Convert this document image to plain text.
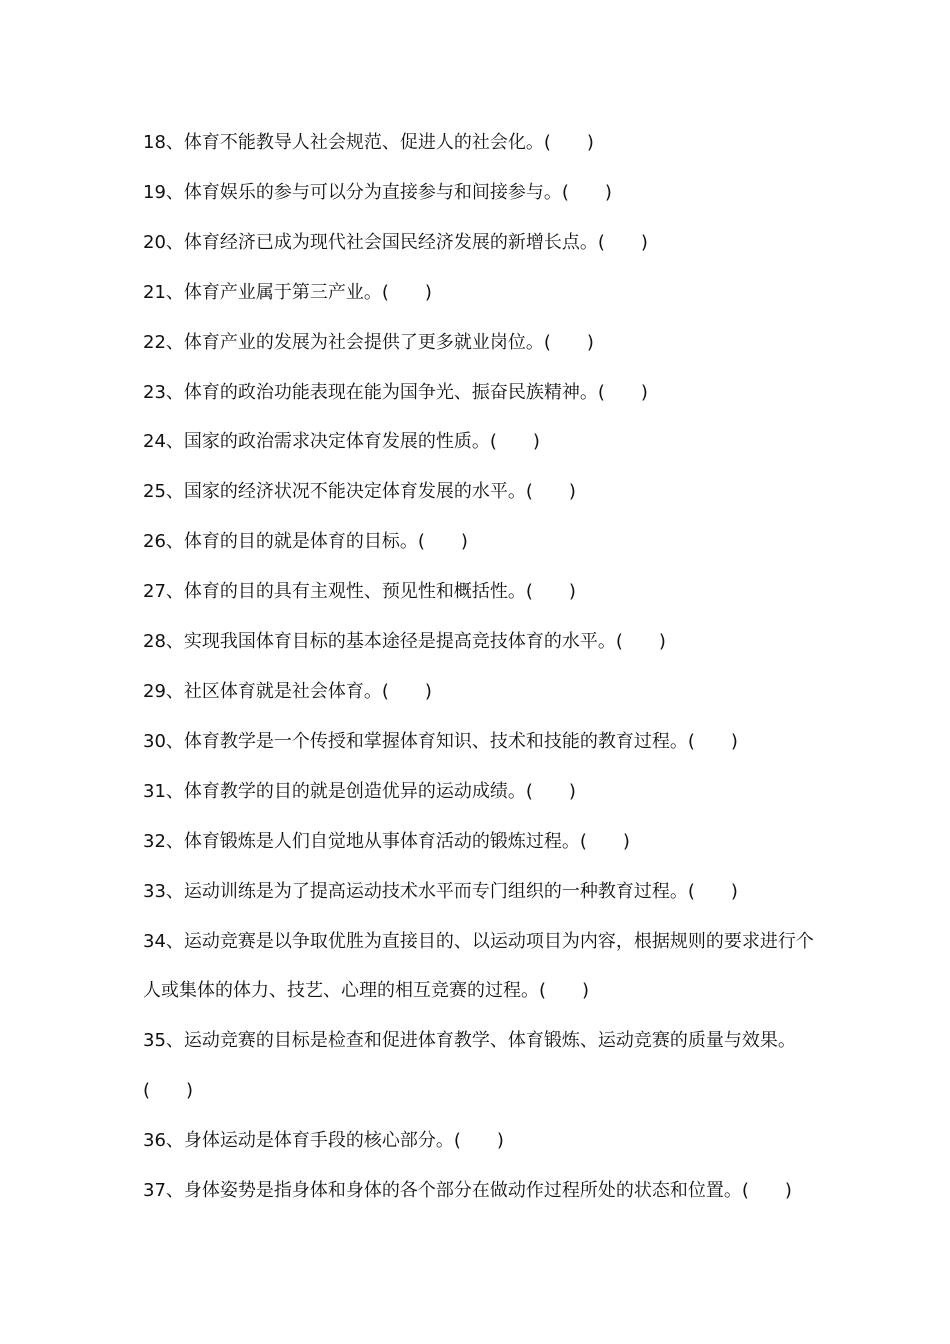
18、体育不能教导人社会规范、促进人的社会化。(　　)
19、体育娱乐的参与可以分为直接参与和间接参与。(　　)
20、体育经济已成为现代社会国民经济发展的新增长点。(　　)
21、体育产业属于第三产业。(　　)
22、体育产业的发展为社会提供了更多就业岗位。(　　)
23、体育的政治功能表现在能为国争光、振奋民族精神。(　　)
24、国家的政治需求决定体育发展的性质。(　　)
25、国家的经济状况不能决定体育发展的水平。(　　)
26、体育的目的就是体育的目标。(　　)
27、体育的目的具有主观性、预见性和概括性。(　　)
28、实现我国体育目标的基本途径是提高竞技体育的水平。(　　)
29、社区体育就是社会体育。(　　)
30、体育教学是一个传授和掌握体育知识、技术和技能的教育过程。(　　)
31、体育教学的目的就是创造优异的运动成绩。(　　)
32、体育锻炼是人们自觉地从事体育活动的锻炼过程。(　　)
33、运动训练是为了提高运动技术水平而专门组织的一种教育过程。(　　)
34、运动竞赛是以争取优胜为直接目的、以运动项目为内容，根据规则的要求进行个人或集体的体力、技艺、心理的相互竞赛的过程。(　　)
35、运动竞赛的目标是检查和促进体育教学、体育锻炼、运动竞赛的质量与效果。(　　)
36、身体运动是体育手段的核心部分。(　　)
37、身体姿势是指身体和身体的各个部分在做动作过程所处的状态和位置。(　　)
